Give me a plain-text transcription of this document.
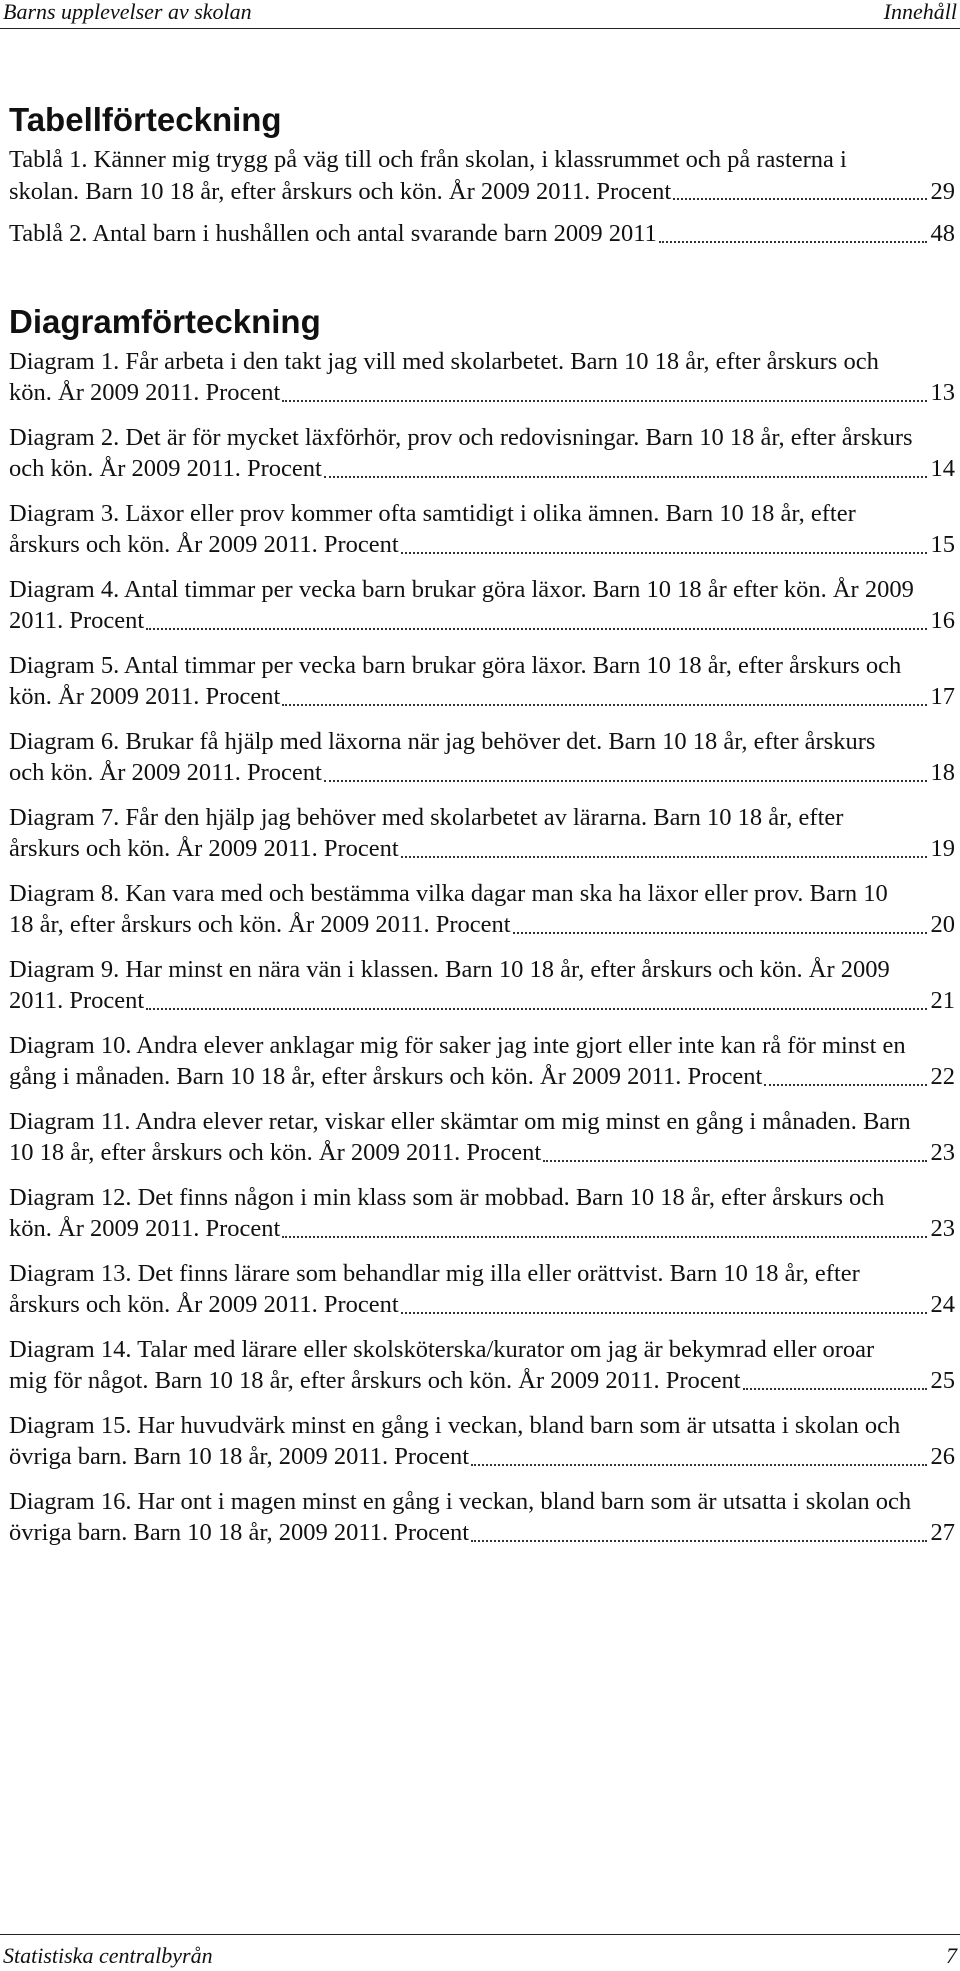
Barns upplevelser av skolan	Innehåll
Tabellförteckning
Tablå 1. Känner mig trygg på väg till och från skolan, i klassrummet och på rasterna i skolan. Barn 10 18 år, efter årskurs och kön. År 2009 2011. Procent	29
Tablå 2. Antal barn i hushållen och antal svarande barn 2009 2011	48
Diagramförteckning
Diagram 1. Får arbeta i den takt jag vill med skolarbetet. Barn 10 18 år, efter årskurs och kön. År 2009 2011. Procent	13
Diagram 2. Det är för mycket läxförhör, prov och redovisningar. Barn 10 18 år, efter årskurs och kön. År 2009 2011. Procent	14
Diagram 3. Läxor eller prov kommer ofta samtidigt i olika ämnen. Barn 10 18 år, efter årskurs och kön. År 2009 2011. Procent	15
Diagram 4. Antal timmar per vecka barn brukar göra läxor. Barn 10 18 år efter kön. År 2009 2011. Procent	16
Diagram 5. Antal timmar per vecka barn brukar göra läxor. Barn 10 18 år, efter årskurs och kön. År 2009 2011. Procent	17
Diagram 6. Brukar få hjälp med läxorna när jag behöver det. Barn 10 18 år, efter årskurs och kön. År 2009 2011. Procent	18
Diagram 7. Får den hjälp jag behöver med skolarbetet av lärarna. Barn 10 18 år, efter årskurs och kön. År 2009 2011. Procent	19
Diagram 8. Kan vara med och bestämma vilka dagar man ska ha läxor eller prov. Barn 10 18 år, efter årskurs och kön. År 2009 2011. Procent	20
Diagram 9. Har minst en nära vän i klassen. Barn 10 18 år, efter årskurs och kön. År 2009 2011. Procent	21
Diagram 10. Andra elever anklagar mig för saker jag inte gjort eller inte kan rå för minst en gång i månaden. Barn 10 18 år, efter årskurs och kön. År 2009 2011. Procent	22
Diagram 11. Andra elever retar, viskar eller skämtar om mig minst en gång i månaden. Barn 10 18 år, efter årskurs och kön. År 2009 2011. Procent	23
Diagram 12. Det finns någon i min klass som är mobbad. Barn 10 18 år, efter årskurs och kön. År 2009 2011. Procent	23
Diagram 13. Det finns lärare som behandlar mig illa eller orättvist. Barn 10 18 år, efter årskurs och kön. År 2009 2011. Procent	24
Diagram 14. Talar med lärare eller skolsköterska/kurator om jag är bekymrad eller oroar mig för något. Barn 10 18 år, efter årskurs och kön. År 2009 2011. Procent	25
Diagram 15. Har huvudvärk minst en gång i veckan, bland barn som är utsatta i skolan och övriga barn. Barn 10 18 år, 2009 2011. Procent	26
Diagram 16. Har ont i magen minst en gång i veckan, bland barn som är utsatta i skolan och övriga barn. Barn 10 18 år, 2009 2011. Procent	27
Statistiska centralbyrån	7
